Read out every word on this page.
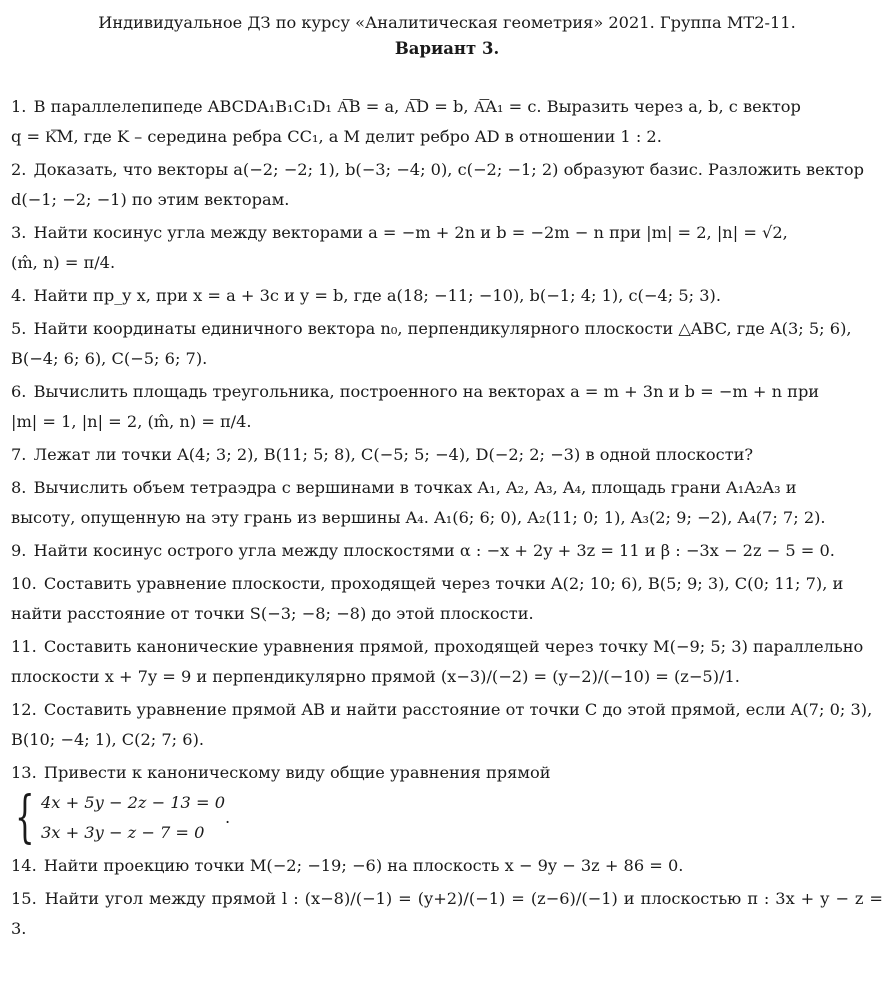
Индивидуальное ДЗ по курсу «Аналитическая геометрия» 2021. Группа МТ2-11.
Вариант 3.

1. В параллелепипеде ABCDA₁B₁C₁D₁ A͞B = a, A͞D = b, A͞A₁ = c. Выразить через a, b, c вектор

q = K͞M, где K – середина ребра CC₁, а M делит ребро AD в отношении 1 : 2.

2. Доказать, что векторы a(−2; −2; 1), b(−3; −4; 0), c(−2; −1; 2) образуют базис. Разложить вектор

d(−1; −2; −1) по этим векторам.

3. Найти косинус угла между векторами a = −m + 2n и b = −2m − n при |m| = 2, |n| = √2,

(m̂, n) = π/4.

4. Найти пр_y x, при x = a + 3c и y = b, где a(18; −11; −10), b(−1; 4; 1), c(−4; 5; 3).

5. Найти координаты единичного вектора n₀, перпендикулярного плоскости △ABC, где A(3; 5; 6),

B(−4; 6; 6), C(−5; 6; 7).

6. Вычислить площадь треугольника, построенного на векторах a = m + 3n и b = −m + n при

|m| = 1, |n| = 2, (m̂, n) = π/4.

7. Лежат ли точки A(4; 3; 2), B(11; 5; 8), C(−5; 5; −4), D(−2; 2; −3) в одной плоскости?

8. Вычислить объем тетраэдра с вершинами в точках A₁, A₂, A₃, A₄, площадь грани A₁A₂A₃ и

высоту, опущенную на эту грань из вершины A₄. A₁(6; 6; 0), A₂(11; 0; 1), A₃(2; 9; −2), A₄(7; 7; 2).

9. Найти косинус острого угла между плоскостями α : −x + 2y + 3z = 11 и β : −3x − 2z − 5 = 0.

10. Составить уравнение плоскости, проходящей через точки A(2; 10; 6), B(5; 9; 3), C(0; 11; 7), и

найти расстояние от точки S(−3; −8; −8) до этой плоскости.

11. Составить канонические уравнения прямой, проходящей через точку M(−9; 5; 3) параллельно

плоскости x + 7y = 9 и перпендикулярно прямой (x−3)/(−2) = (y−2)/(−10) = (z−5)/1.

12. Составить уравнение прямой AB и найти расстояние от точки C до этой прямой, если A(7; 0; 3),

B(10; −4; 1), C(2; 7; 6).

13. Привести к каноническому виду общие уравнения прямой

{ 4x + 5y − 2z − 13 = 0
3x + 3y − z − 7 = 0
.

14. Найти проекцию точки M(−2; −19; −6) на плоскость x − 9y − 3z + 86 = 0.

15. Найти угол между прямой l : (x−8)/(−1) = (y+2)/(−1) = (z−6)/(−1) и плоскостью π : 3x + y − z = 3.
